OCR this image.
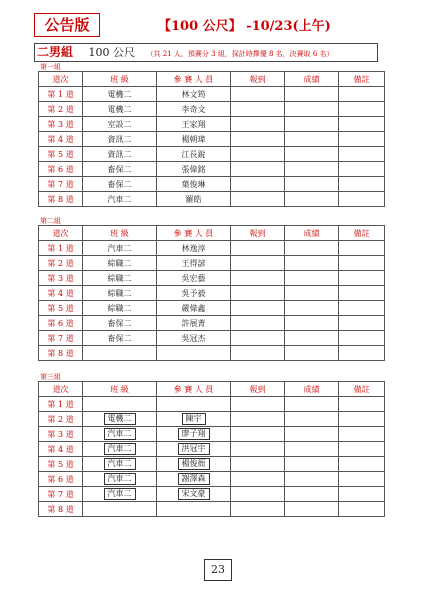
公告版	【100 公尺】 -10/23(上午)
二男組 100 公尺 （共 21 人，預賽分 3 組，採計時擇優 8 名，決賽取 6 名）
第一組
道次	班 級	參 賽 人 員	報到	成績	備註
第 1 道	電機二	林文筠			
第 2 道	電機二	李奇文			
第 3 道	室設二	王家翔			
第 4 道	資訊二	楊朝瑋			
第 5 道	資訊二	江長銳			
第 6 道	畜保二	張偉銘			
第 7 道	畜保二	葉俊琳			
第 8 道	汽車二	羅皓			
第二組
道次	班 級	參 賽 人 員	報到	成績	備註
第 1 道	汽車二	林逸淳			
第 2 道	綜職二	王得諺			
第 3 道	綜職二	吳宏藝			
第 4 道	綜職二	吳予毅			
第 5 道	綜職二	嚴偉鑫			
第 6 道	畜保二	許展菁			
第 7 道	畜保二	吳冠杰			
第 8 道					
第三組
道次	班 級	參 賽 人 員	報到	成績	備註
第 1 道					
第 2 道	電機二	陳宇			
第 3 道	汽車二	廖子翔			
第 4 道	汽車二	洪冠宇			
第 5 道	汽車二	楊俊衙			
第 6 道	汽車二	謝澤森			
第 7 道	汽車二	宋文豪			
第 8 道					
23
